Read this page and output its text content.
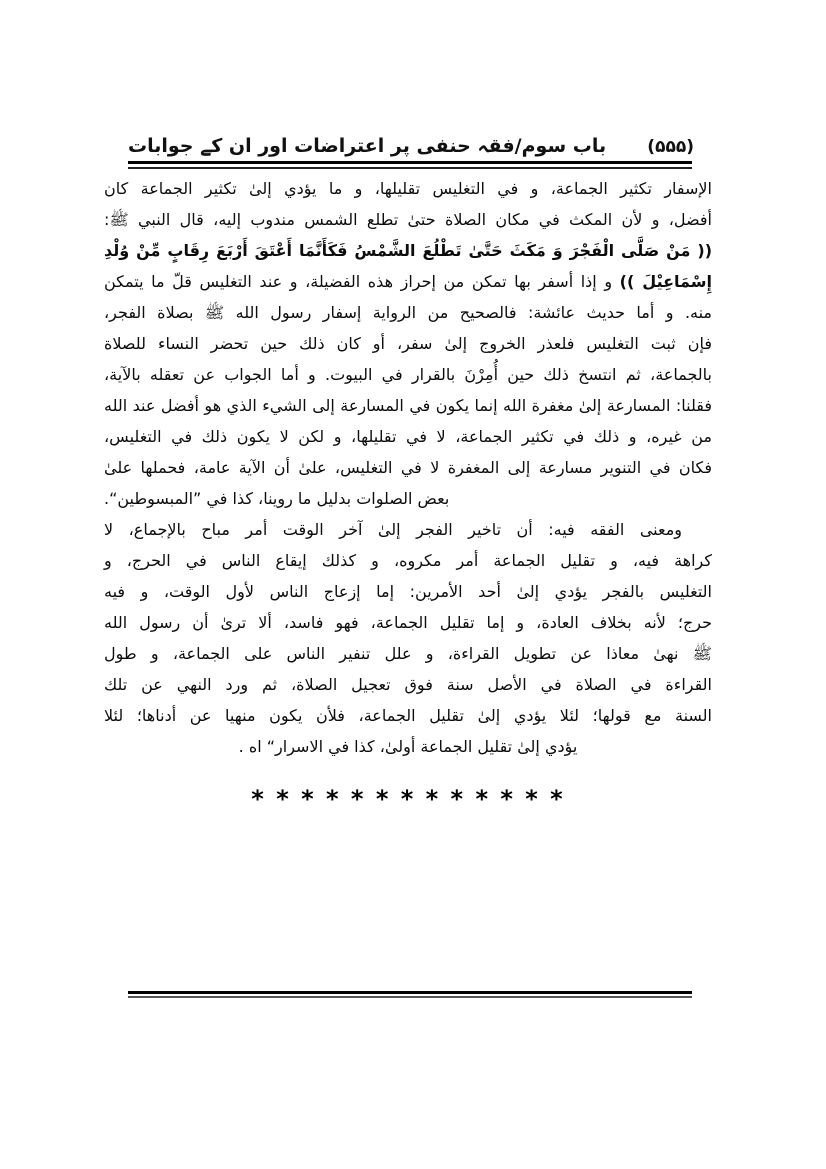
(۵۵۵)
باب سوم/فقہ حنفی پر اعتراضات اور ان کے جوابات
الإسفار تكثير الجماعة، و في التغليس تقليلها، و ما يؤدي إلىٰ تكثير الجماعة كان
أفضل، و لأن المكث في مكان الصلاة حتىٰ تطلع الشمس مندوب إليه، قال النبي ﷺ:
(( مَنْ صَلَّى الْفَجْرَ وَ مَكَثَ حَتَّىٰ تَطْلُعَ الشَّمْسُ فَكَأَنَّمَا أَعْتَقَ أَرْبَعَ رِقَابٍ مِّنْ وُلْدِ
إِسْمَاعِيْلَ )) و إذا أسفر بها تمكن من إحراز هذه الفضيلة، و عند التغليس قلّ ما يتمكن
منه. و أما حديث عائشة: فالصحيح من الرواية إسفار رسول الله ﷺ بصلاة الفجر،
فإن ثبت التغليس فلعذر الخروج إلىٰ سفر، أو كان ذلك حين تحضر النساء للصلاة
بالجماعة، ثم انتسخ ذلك حين أُمِرْنَ بالقرار في البيوت. و أما الجواب عن تعقله بالآية،
فقلنا: المسارعة إلىٰ مغفرة الله إنما يكون في المسارعة إلى الشيء الذي هو أفضل عند الله
من غيره، و ذلك في تكثير الجماعة، لا في تقليلها، و لكن لا يكون ذلك في التغليس،
فكان في التنوير مسارعة إلى المغفرة لا في التغليس، علىٰ أن الآية عامة، فحملها علىٰ
بعض الصلوات بدليل ما روينا، كذا في ”المبسوطين“.
ومعنى الفقه فيه: أن تاخير الفجر إلىٰ آخر الوقت أمر مباح بالإجماع، لا
كراهة فيه، و تقليل الجماعة أمر مكروه، و كذلك إيقاع الناس في الحرج، و
التغليس بالفجر يؤدي إلىٰ أحد الأمرين: إما إزعاج الناس لأول الوقت، و فيه
حرج؛ لأنه بخلاف العادة، و إما تقليل الجماعة، فهو فاسد، ألا ترىٰ أن رسول الله
ﷺ نهىٰ معاذا عن تطويل القراءة، و علل تنفير الناس على الجماعة، و طول
القراءة في الصلاة في الأصل سنة فوق تعجيل الصلاة، ثم ورد النهي عن تلك
السنة مع قولها؛ لئلا يؤدي إلىٰ تقليل الجماعة، فلأن يكون منهيا عن أدناها؛ لئلا
يؤدي إلىٰ تقليل الجماعة أولىٰ، كذا في الاسرار“ اه .
* * * * * * * * * * * * *
